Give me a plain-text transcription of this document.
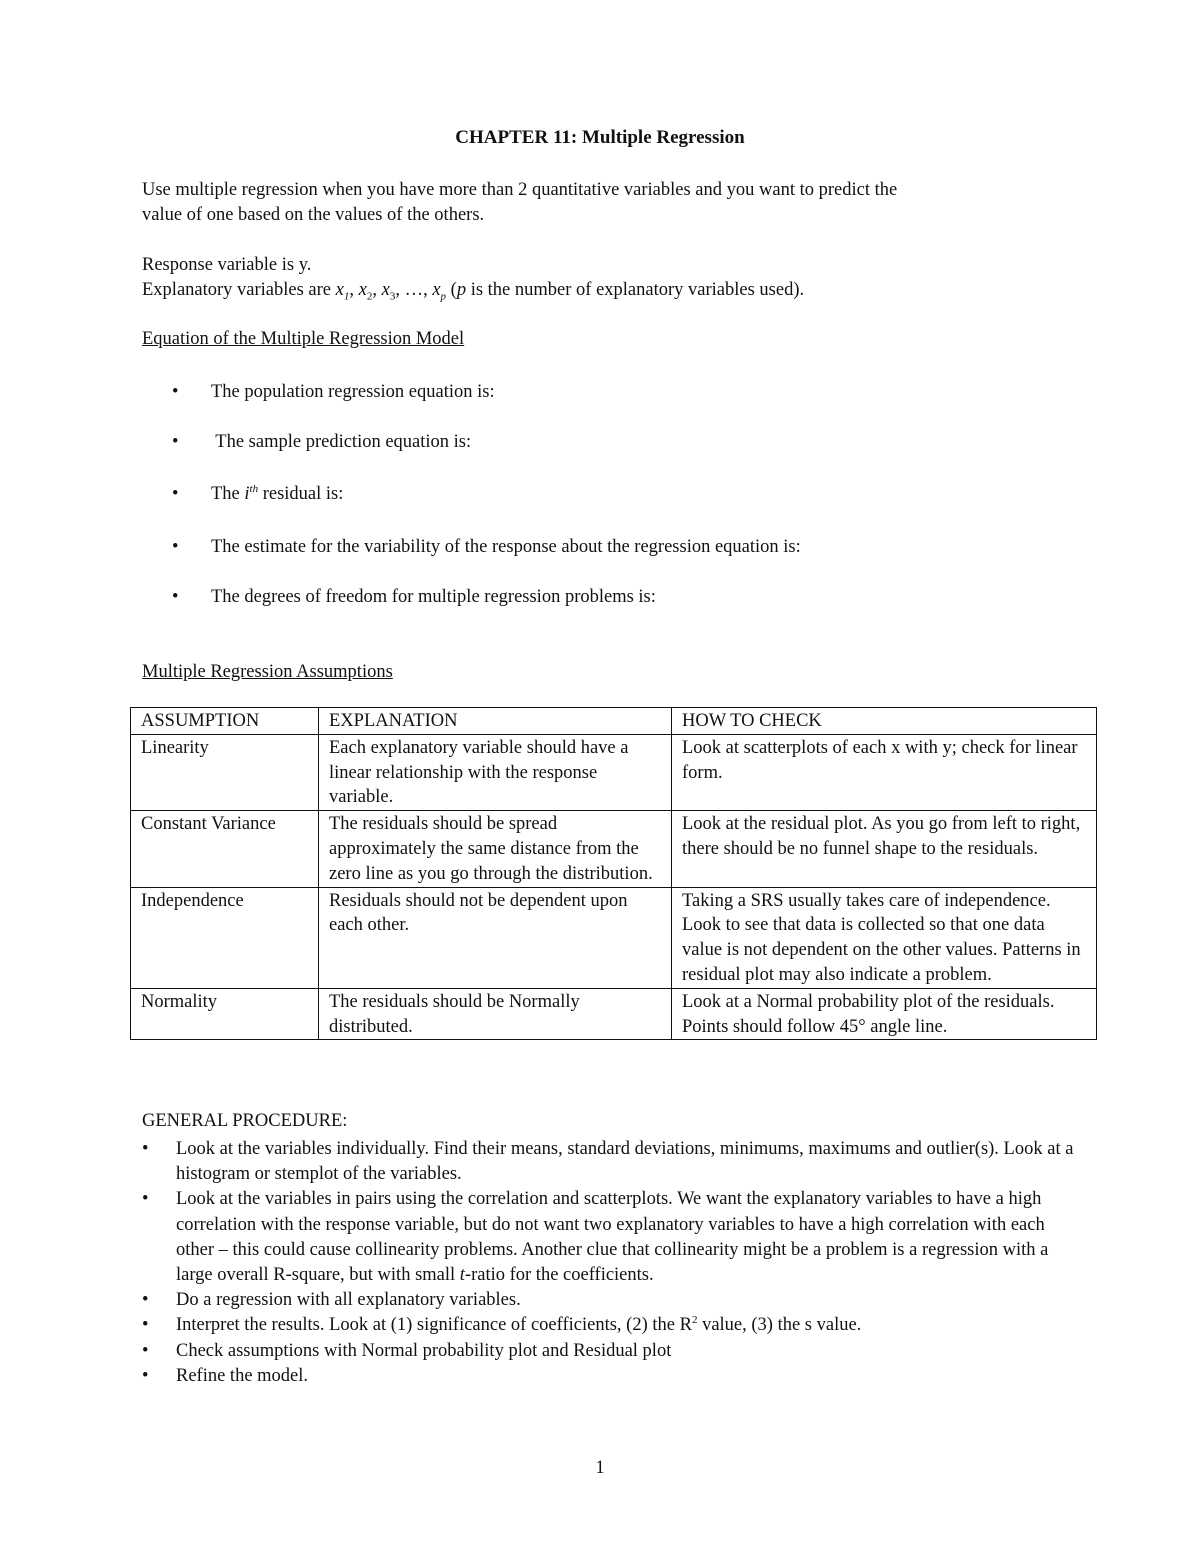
CHAPTER 11: Multiple Regression
Use multiple regression when you have more than 2 quantitative variables and you want to predict the
value of one based on the values of the others.
Response variable is y.
Explanatory variables are $x_1$, $x_2$, $x_3$, …, $x_p$ (p is the number of explanatory variables used).
Equation of the Multiple Regression Model
• The population regression equation is:
• The sample prediction equation is:
• The $i^{th}$ residual is:
• The estimate for the variability of the response about the regression equation is:
• The degrees of freedom for multiple regression problems is:
Multiple Regression Assumptions
ASSUMPTION	EXPLANATION	HOW TO CHECK
Linearity	Each explanatory variable should have a linear relationship with the response variable.	Look at scatterplots of each x with y; check for linear form.
Constant Variance	The residuals should be spread approximately the same distance from the zero line as you go through the distribution.	Look at the residual plot. As you go from left to right, there should be no funnel shape to the residuals.
Independence	Residuals should not be dependent upon each other.	Taking a SRS usually takes care of independence. Look to see that data is collected so that one data value is not dependent on the other values. Patterns in residual plot may also indicate a problem.
Normality	The residuals should be Normally distributed.	Look at a Normal probability plot of the residuals. Points should follow 45° angle line.
GENERAL PROCEDURE:
• Look at the variables individually. Find their means, standard deviations, minimums, maximums and outlier(s). Look at a histogram or stemplot of the variables.
• Look at the variables in pairs using the correlation and scatterplots. We want the explanatory variables to have a high correlation with the response variable, but do not want two explanatory variables to have a high correlation with each other – this could cause collinearity problems. Another clue that collinearity might be a problem is a regression with a large overall R-square, but with small t-ratio for the coefficients.
• Do a regression with all explanatory variables.
• Interpret the results. Look at (1) significance of coefficients, (2) the $R^2$ value, (3) the s value.
• Check assumptions with Normal probability plot and Residual plot
• Refine the model.
1
